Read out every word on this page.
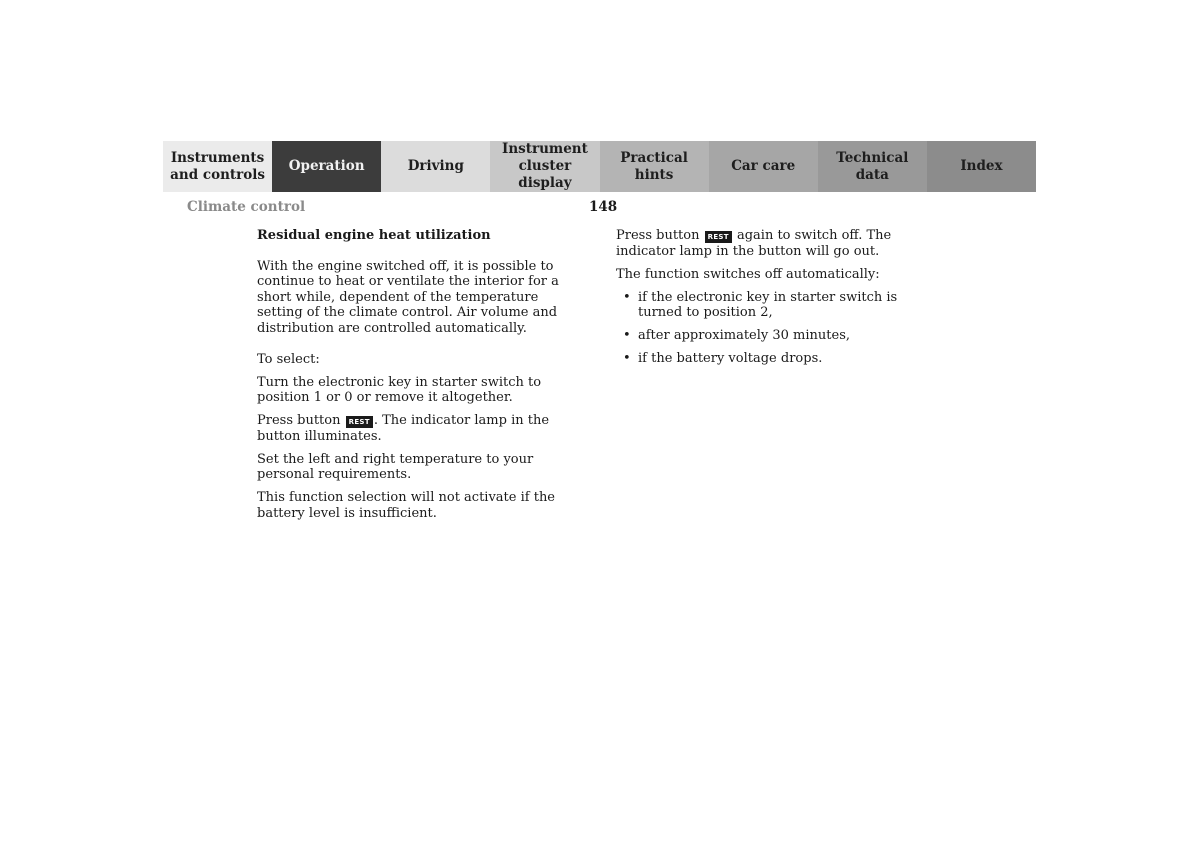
Instruments
and controls
Operation	Driving
Instrument
cluster display
Practical hints
Car care
Technical
data
Index
Climate control	148
Residual engine heat utilization

With the engine switched off, it is possible to continue to heat or ventilate the interior for a short while, dependent of the temperature setting of the climate control. Air volume and distribution are controlled automatically.

To select:

Turn the electronic key in starter switch to position 1 or 0 or remove it altogether.

Press button REST . The indicator lamp in the button illuminates.

Set the left and right temperature to your personal requirements.

This function selection will not activate if the battery level is insufficient.

Press button REST again to switch off. The indicator lamp in the button will go out.

The function switches off automatically:

• if the electronic key in starter switch is turned to position 2,
• after approximately 30 minutes,
• if the battery voltage drops.
